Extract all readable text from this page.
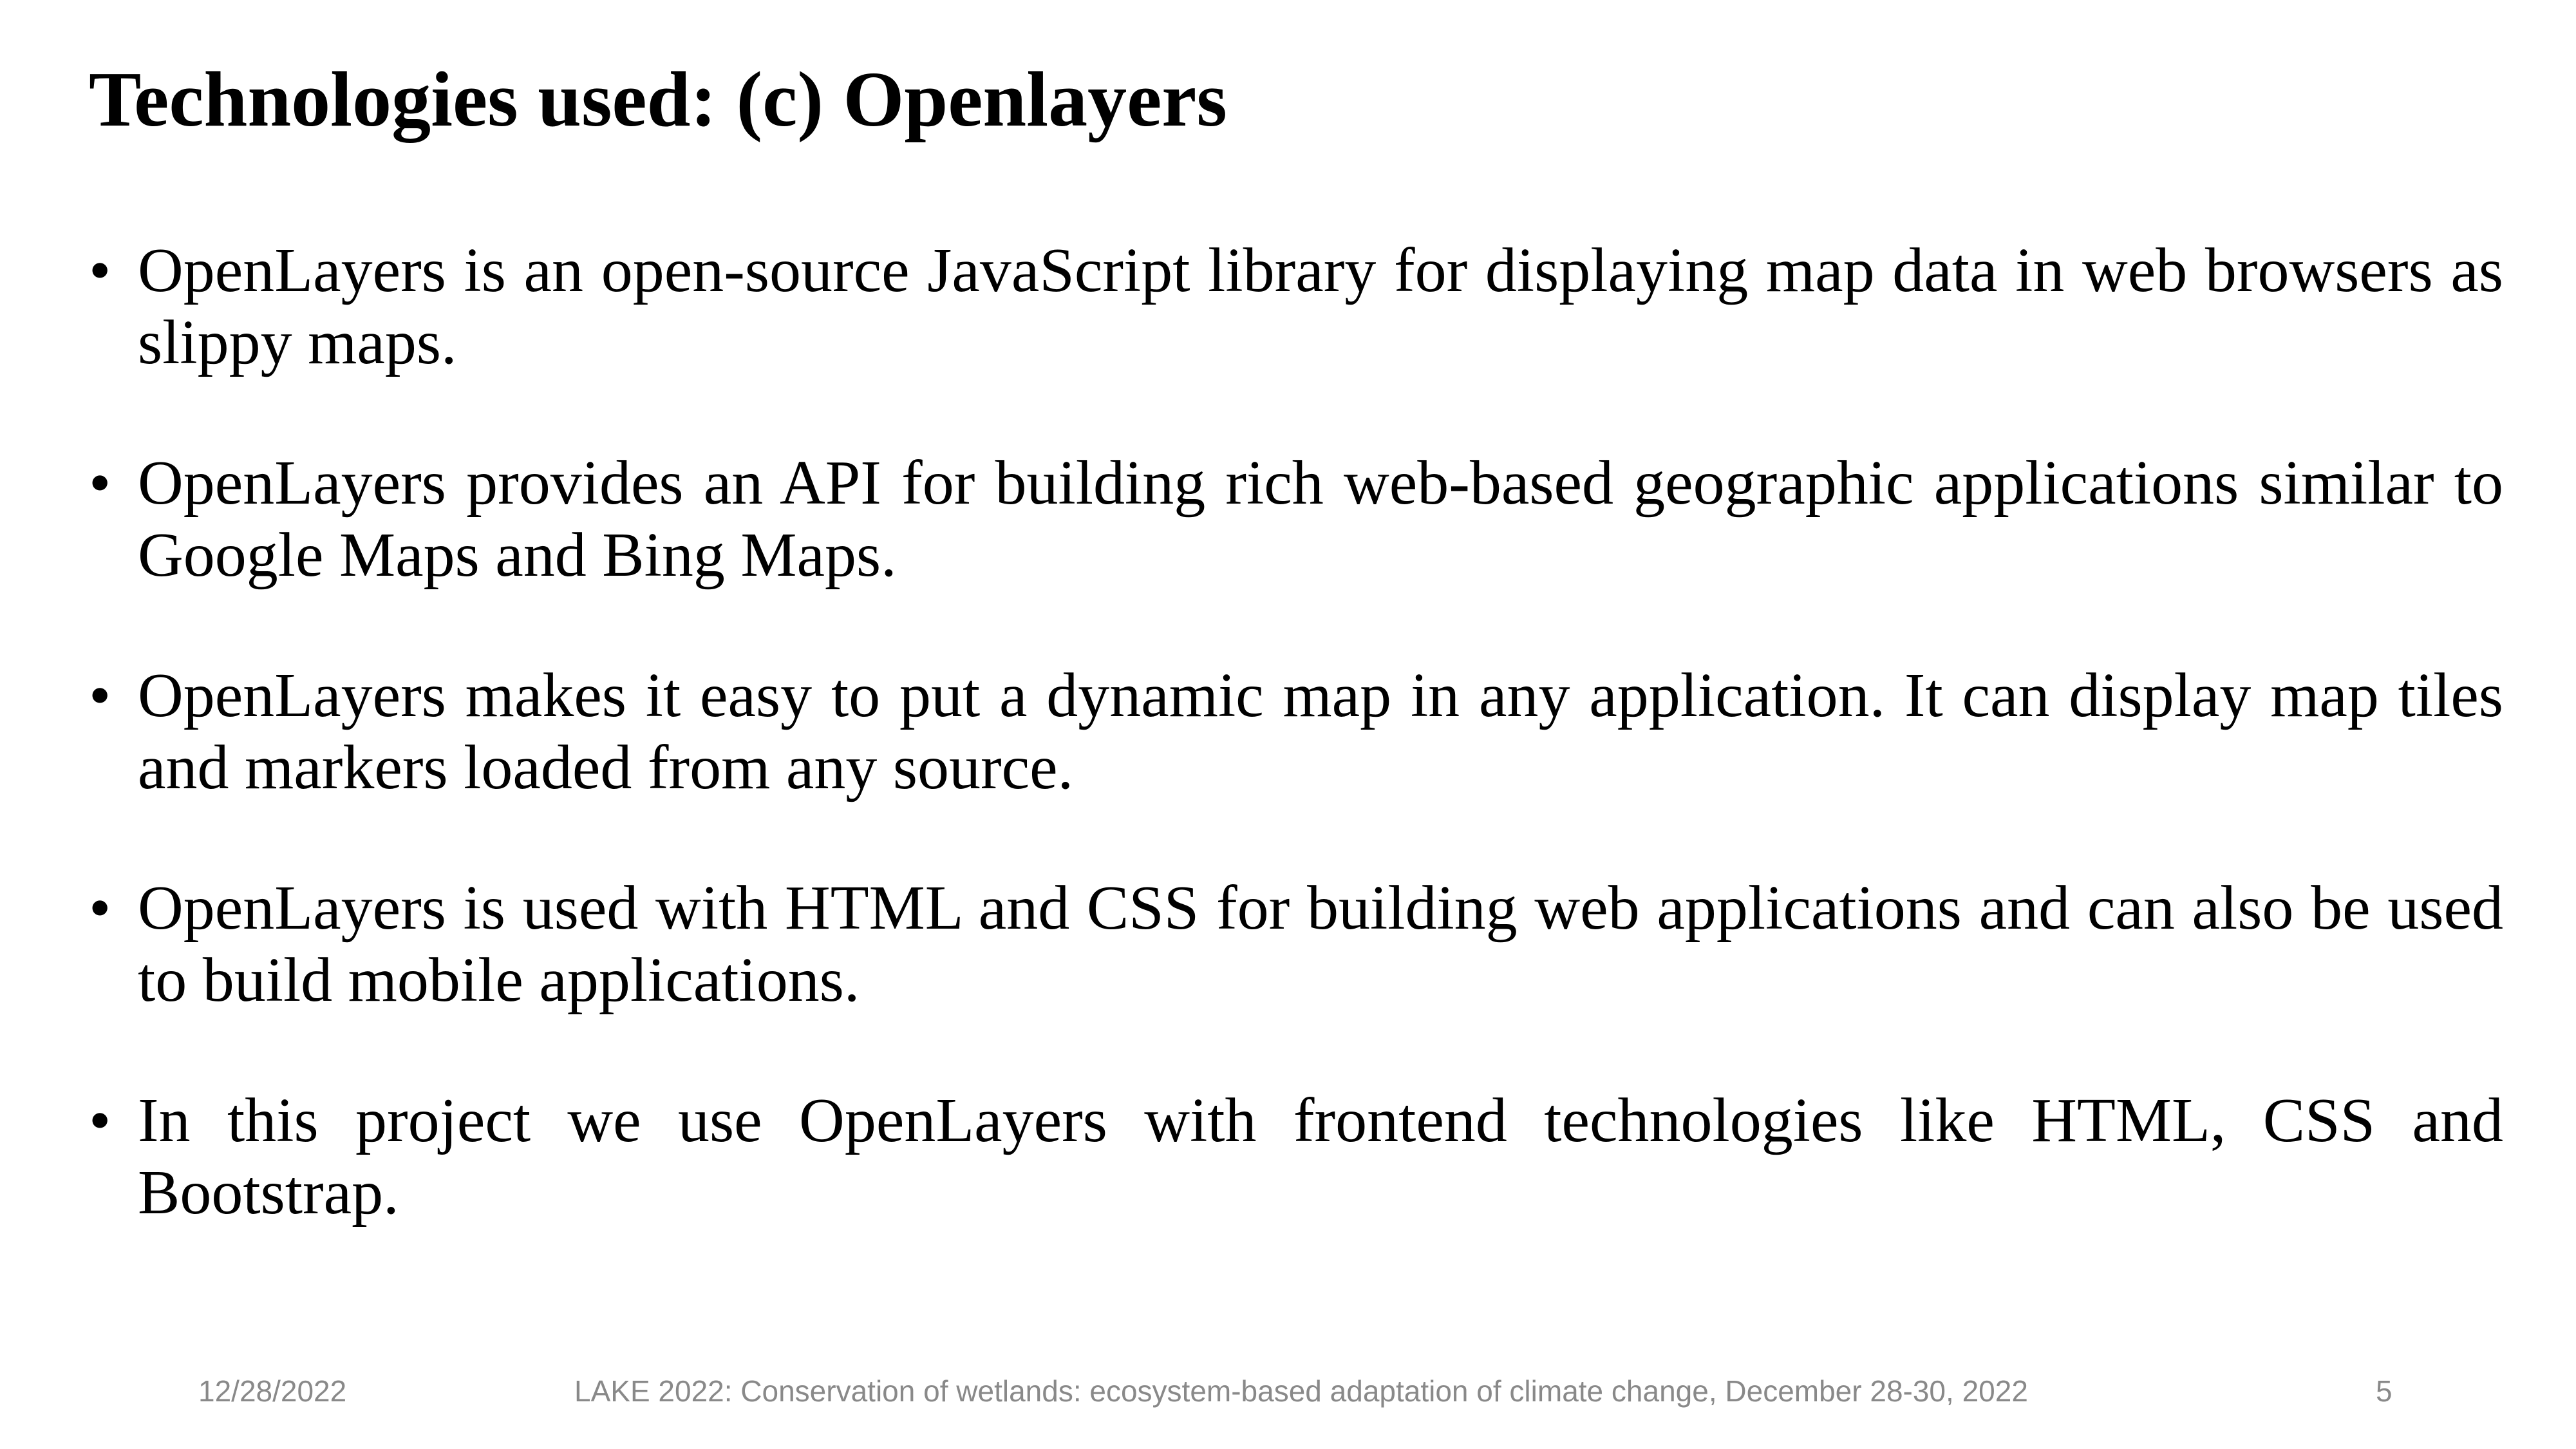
Technologies used: (c) Openlayers
• OpenLayers is an open-source JavaScript library for displaying map data in web browsers as slippy maps.
• OpenLayers provides an API for building rich web-based geographic applications similar to Google Maps and Bing Maps.
• OpenLayers makes it easy to put a dynamic map in any application. It can display map tiles and markers loaded from any source.
• OpenLayers is used with HTML and CSS for building web applications and can also be used to build mobile applications.
• In this project we use OpenLayers with frontend technologies like HTML, CSS and Bootstrap.
12/28/2022	LAKE 2022: Conservation of wetlands: ecosystem-based adaptation of climate change, December 28-30, 2022	5
